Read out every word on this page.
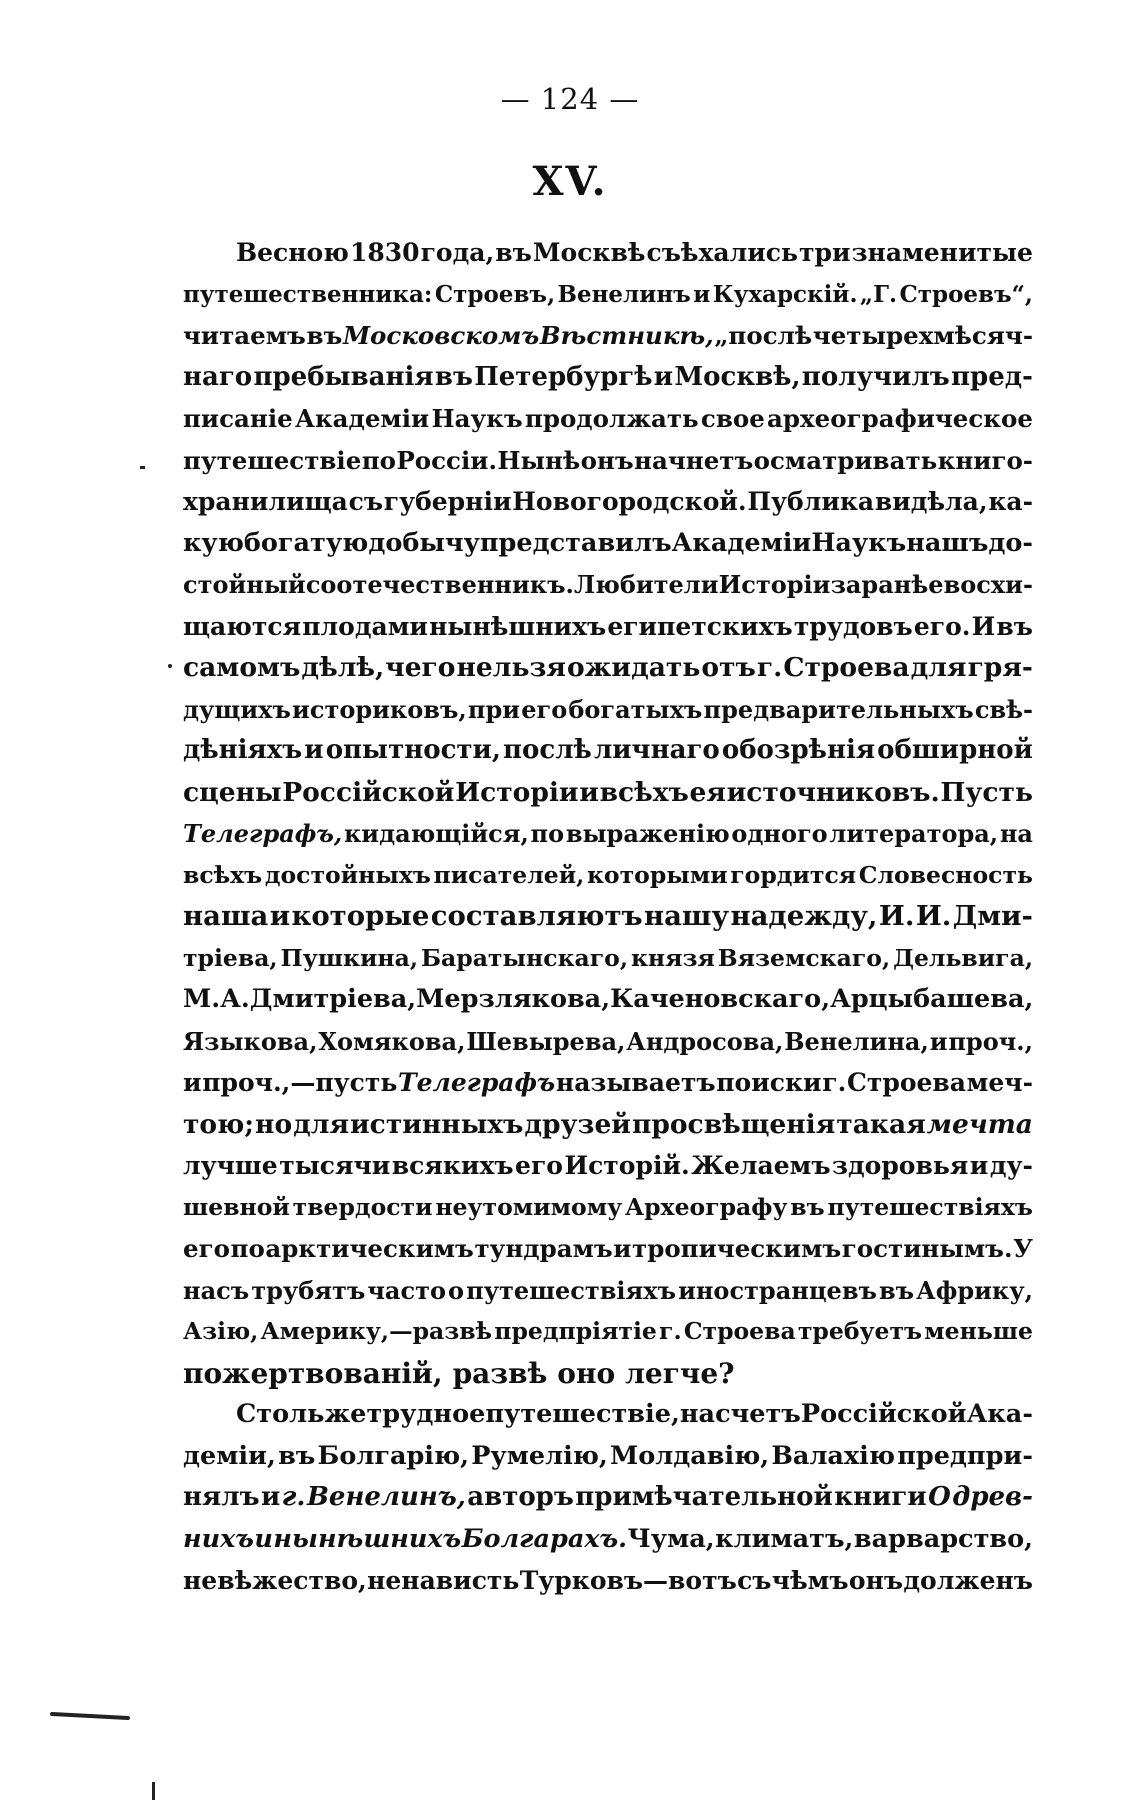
— 124 —
XV.
Весною 1830 года, въ Москвѣ съѣхались три знаменитые
путешественника: Строевъ, Венелинъ и Кухарскій. „Г. Строевъ“,
читаемъ въ Московскомъ Вѣстникѣ, „послѣ четырехмѣсяч-
наго пребыванія въ Петербургѣ и Москвѣ, получилъ пред-
писаніе Академіи Наукъ продолжать свое археографическое
путешествіе по Россіи. Нынѣ онъ начнетъ осматривать книго-
хранилища съ губерніи Новогородской. Публика видѣла, ка-
кую богатую добычу представилъ Академіи Наукъ нашъ до-
стойный соотечественникъ. Любители Исторіи заранѣе восхи-
щаются плодами нынѣшнихъ египетскихъ трудовъ его. И въ
самомъ дѣлѣ, чего нельзя ожидать отъ г. Строева для гря-
дущихъ историковъ, при его богатыхъ предварительныхъ свѣ-
дѣніяхъ и опытности, послѣ личнаго обозрѣнія обширной
сцены Россійской Исторіи и всѣхъ ея источниковъ. Пусть
Телеграфъ, кидающійся, по выраженію одного литератора, на
всѣхъ достойныхъ писателей, которыми гордится Словесность
наша и которые составляютъ нашу надежду, И. И. Дми-
тріева, Пушкина, Баратынскаго, князя Вяземскаго, Дельвига,
М. А. Дмитріева, Мерзлякова, Каченовскаго, Арцыбашева,
Языкова, Хомякова, Шевырева, Андросова, Венелина, и проч.,
и проч.,—пусть Телеграфъ называетъ поиски г. Строева меч-
тою; но для истинныхъ друзей просвѣщенія такая мечта
лучше тысячи всякихъ его Исторій. Желаемъ здоровья и ду-
шевной твердости неутомимому Археографу въ путешествіяхъ
его по арктическимъ тундрамъ и тропическимъ гостинымъ. У
насъ трубятъ часто о путешествіяхъ иностранцевъ въ Африку,
Азію, Америку,—развѣ предпріятіе г. Строева требуетъ меньше
пожертвованій, развѣ оно легче?
Столь же трудное путешествіе, на счетъ Россійской Ака-
деміи, въ Болгарію, Румелію, Молдавію, Валахію предпри-
нялъ и г. Венелинъ, авторъ примѣчательной книги О древ-
нихъ и нынѣшнихъ Болгарахъ. Чума, климатъ, варварство,
невѣжество, ненависть Турковъ—вотъ съ чѣмъ онъ долженъ
